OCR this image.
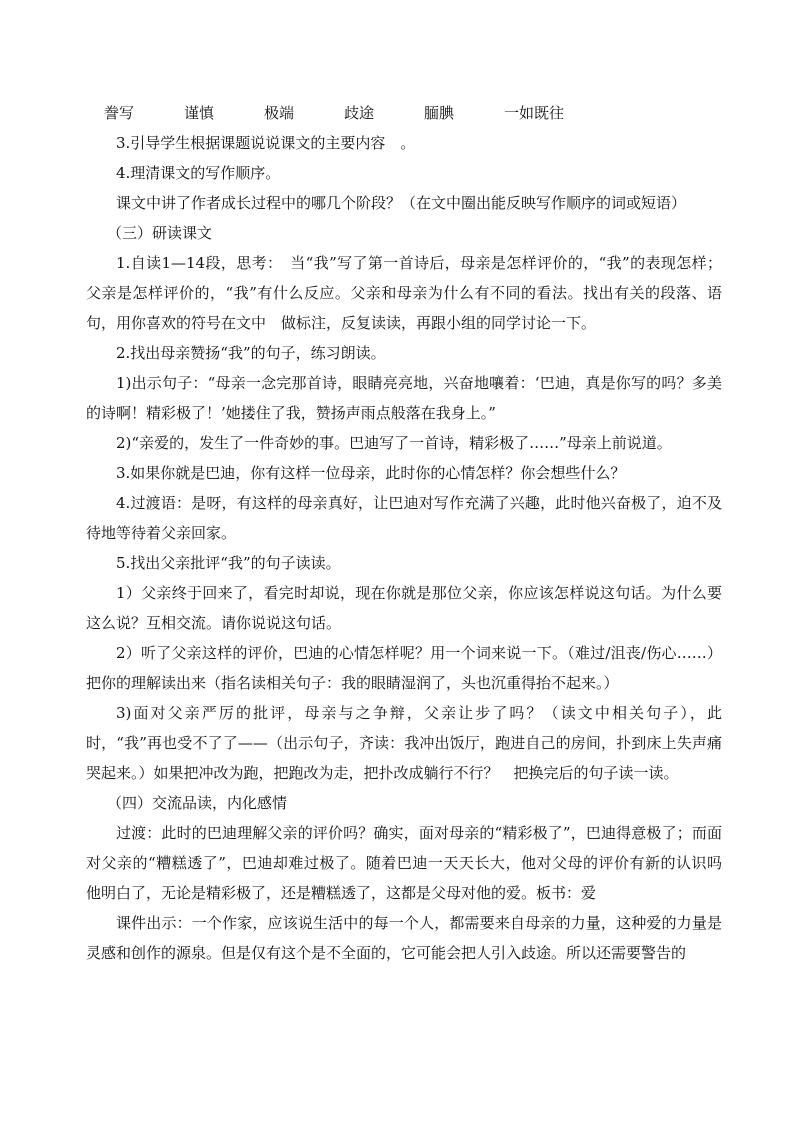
誊写	谨慎	极端	歧途	腼腆	一如既往

3.引导学生根据课题说说课文的主要内容　。

4.理清课文的写作顺序。

课文中讲了作者成长过程中的哪几个阶段？（在文中圈出能反映写作顺序的词或短语）

（三）研读课文

1.自读1—14段，思考：　当“我”写了第一首诗后，母亲是怎样评价的，“我”的表现怎样；父亲是怎样评价的，“我”有什么反应。父亲和母亲为什么有不同的看法。找出有关的段落、语句，用你喜欢的符号在文中　做标注，反复读读，再跟小组的同学讨论一下。

2.找出母亲赞扬“我”的句子，练习朗读。

1)出示句子：“母亲一念完那首诗，眼睛亮亮地，兴奋地嚷着：‘巴迪，真是你写的吗？多美的诗啊！精彩极了！’她搂住了我，赞扬声雨点般落在我身上。”

2)“亲爱的，发生了一件奇妙的事。巴迪写了一首诗，精彩极了……”母亲上前说道。

3.如果你就是巴迪，你有这样一位母亲，此时你的心情怎样？你会想些什么？

4.过渡语：是呀，有这样的母亲真好，让巴迪对写作充满了兴趣，此时他兴奋极了，迫不及待地等待着父亲回家。

5.找出父亲批评“我”的句子读读。

1）父亲终于回来了，看完时却说，现在你就是那位父亲，你应该怎样说这句话。为什么要这么说？互相交流。请你说说这句话。

2）听了父亲这样的评价，巴迪的心情怎样呢？用一个词来说一下。（难过/沮丧/伤心……）把你的理解读出来（指名读相关句子：我的眼睛湿润了，头也沉重得抬不起来。）

3)面对父亲严厉的批评，母亲与之争辩，父亲让步了吗？（读文中相关句子），此时，“我”再也受不了了——（出示句子，齐读：我冲出饭厅，跑进自己的房间，扑到床上失声痛哭起来。）如果把冲改为跑，把跑改为走，把扑改成躺行不行？　把换完后的句子读一读。

（四）交流品读，内化感情

过渡：此时的巴迪理解父亲的评价吗？确实，面对母亲的“精彩极了”，巴迪得意极了；而面对父亲的“糟糕透了”，巴迪却难过极了。随着巴迪一天天长大，他对父母的评价有新的认识吗　他明白了，无论是精彩极了，还是糟糕透了，这都是父母对他的爱。板书：爱

课件出示：一个作家，应该说生活中的每一个人，都需要来自母亲的力量，这种爱的力量是灵感和创作的源泉。但是仅有这个是不全面的，它可能会把人引入歧途。所以还需要警告的
